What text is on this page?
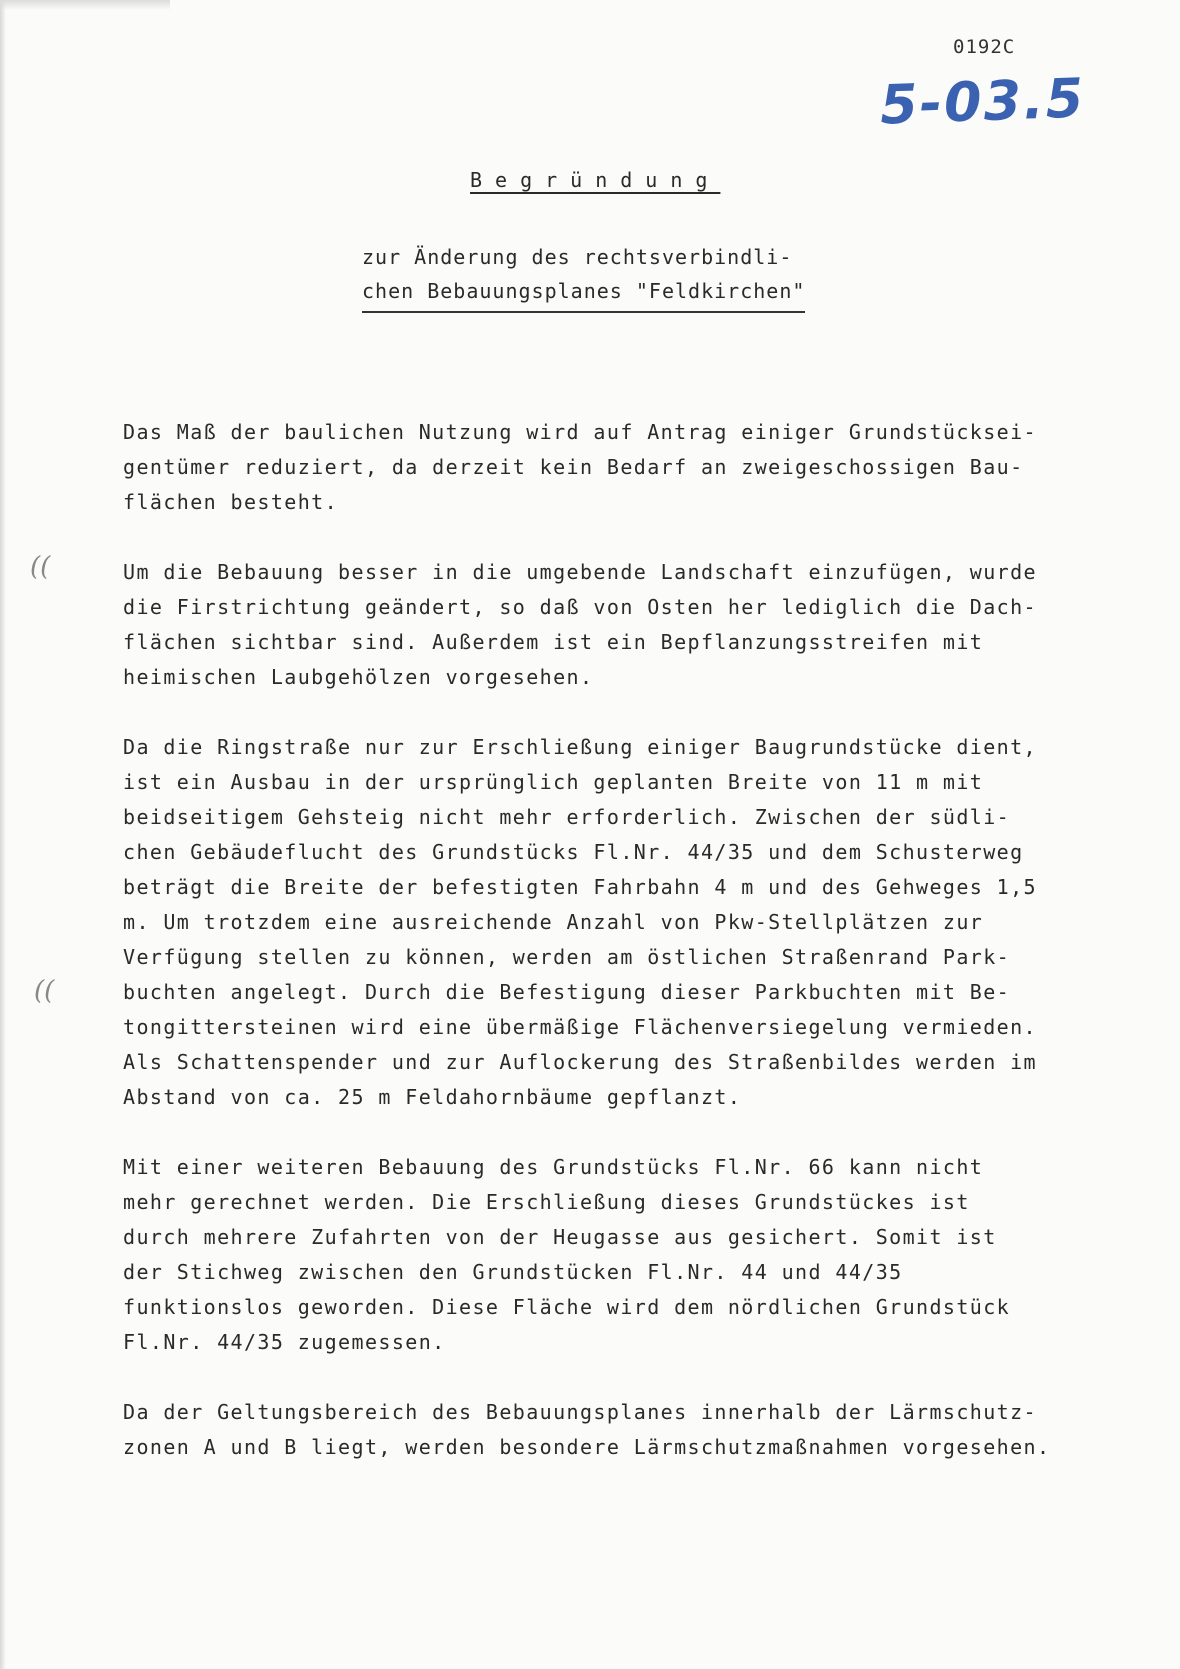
0192C
5-03.5
Begründung
zur Änderung des rechtsverbindli-
chen Bebauungsplanes "Feldkirchen"
((
((
Das Maß der baulichen Nutzung wird auf Antrag einiger Grundstücksei-
gentümer reduziert, da derzeit kein Bedarf an zweigeschossigen Bau-
flächen besteht.
Um die Bebauung besser in die umgebende Landschaft einzufügen, wurde
die Firstrichtung geändert, so daß von Osten her lediglich die Dach-
flächen sichtbar sind. Außerdem ist ein Bepflanzungsstreifen mit
heimischen Laubgehölzen vorgesehen.
Da die Ringstraße nur zur Erschließung einiger Baugrundstücke dient,
ist ein Ausbau in der ursprünglich geplanten Breite von 11 m mit
beidseitigem Gehsteig nicht mehr erforderlich. Zwischen der südli-
chen Gebäudeflucht des Grundstücks Fl.Nr. 44/35 und dem Schusterweg
beträgt die Breite der befestigten Fahrbahn 4 m und des Gehweges 1,5
m. Um trotzdem eine ausreichende Anzahl von Pkw-Stellplätzen zur
Verfügung stellen zu können, werden am östlichen Straßenrand Park-
buchten angelegt. Durch die Befestigung dieser Parkbuchten mit Be-
tongittersteinen wird eine übermäßige Flächenversiegelung vermieden.
Als Schattenspender und zur Auflockerung des Straßenbildes werden im
Abstand von ca. 25 m Feldahornbäume gepflanzt.
Mit einer weiteren Bebauung des Grundstücks Fl.Nr. 66 kann nicht
mehr gerechnet werden. Die Erschließung dieses Grundstückes ist
durch mehrere Zufahrten von der Heugasse aus gesichert. Somit ist
der Stichweg zwischen den Grundstücken Fl.Nr. 44 und 44/35
funktionslos geworden. Diese Fläche wird dem nördlichen Grundstück
Fl.Nr. 44/35 zugemessen.
Da der Geltungsbereich des Bebauungsplanes innerhalb der Lärmschutz-
zonen A und B liegt, werden besondere Lärmschutzmaßnahmen vorgesehen.
